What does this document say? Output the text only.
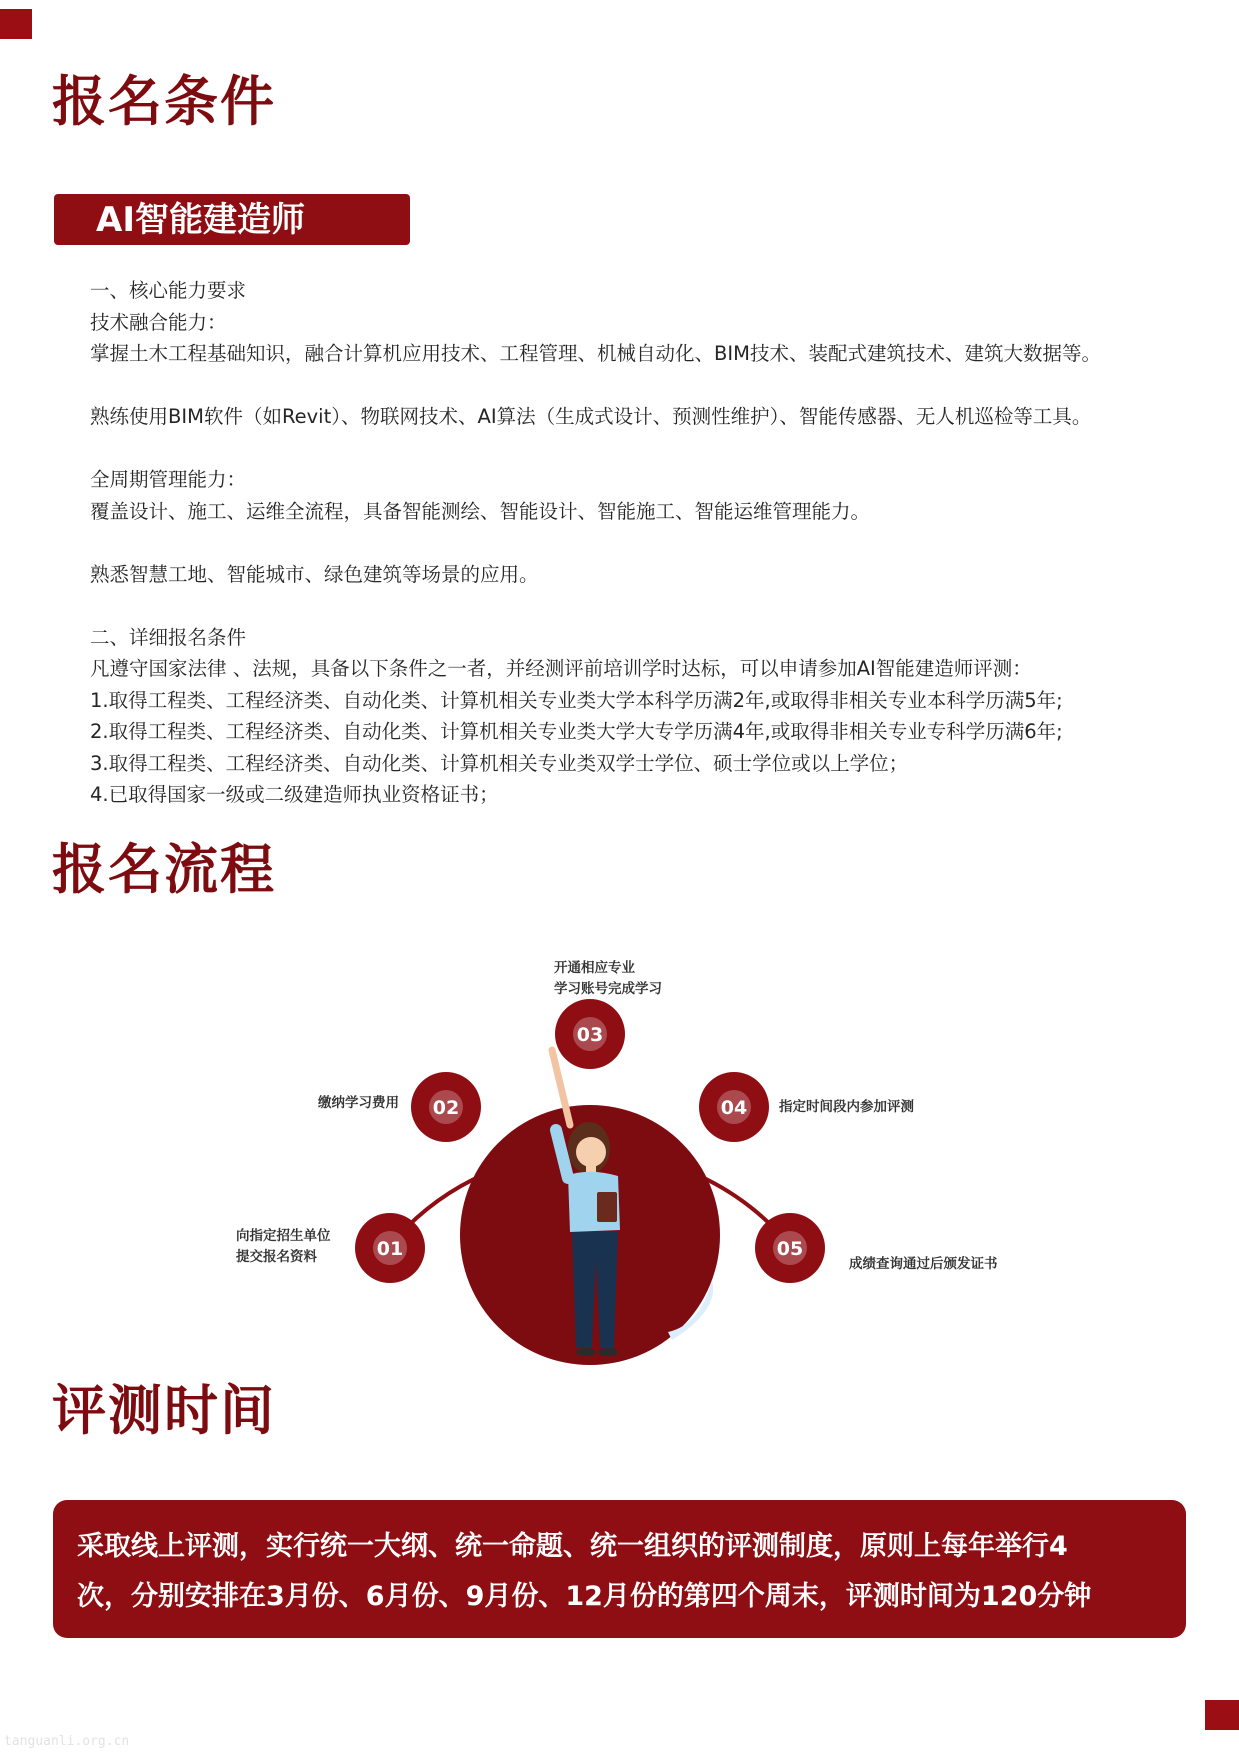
报名条件
AI智能建造师

一、核心能力要求

技术融合能力：

掌握土木工程基础知识，融合计算机应用技术、工程管理、机械自动化、BIM技术、装配式建筑技术、建筑大数据等。

熟练使用BIM软件（如Revit）、物联网技术、AI算法（生成式设计、预测性维护）、智能传感器、无人机巡检等工具。

全周期管理能力：

覆盖设计、施工、运维全流程，具备智能测绘、智能设计、智能施工、智能运维管理能力。

熟悉智慧工地、智能城市、绿色建筑等场景的应用。

二、详细报名条件

凡遵守国家法律 、法规，具备以下条件之一者，并经测评前培训学时达标，可以申请参加AI智能建造师评测：

1.取得工程类、工程经济类、自动化类、计算机相关专业类大学本科学历满2年,或取得非相关专业本科学历满5年;

2.取得工程类、工程经济类、自动化类、计算机相关专业类大学大专学历满4年,或取得非相关专业专科学历满6年;

3.取得工程类、工程经济类、自动化类、计算机相关专业类双学士学位、硕士学位或以上学位；

4.已取得国家一级或二级建造师执业资格证书；

报名流程
01
02
03
04
05
向指定招生单位
提交报名资料
缴纳学习费用
开通相应专业
学习账号完成学习
指定时间段内参加评测
成绩查询通过后颁发证书
评测时间

采取线上评测，实行统一大纲、统一命题、统一组织的评测制度，原则上每年举行4
次，分别安排在3月份、6月份、9月份、12月份的第四个周末，评测时间为120分钟

tanguanli.org.cn
